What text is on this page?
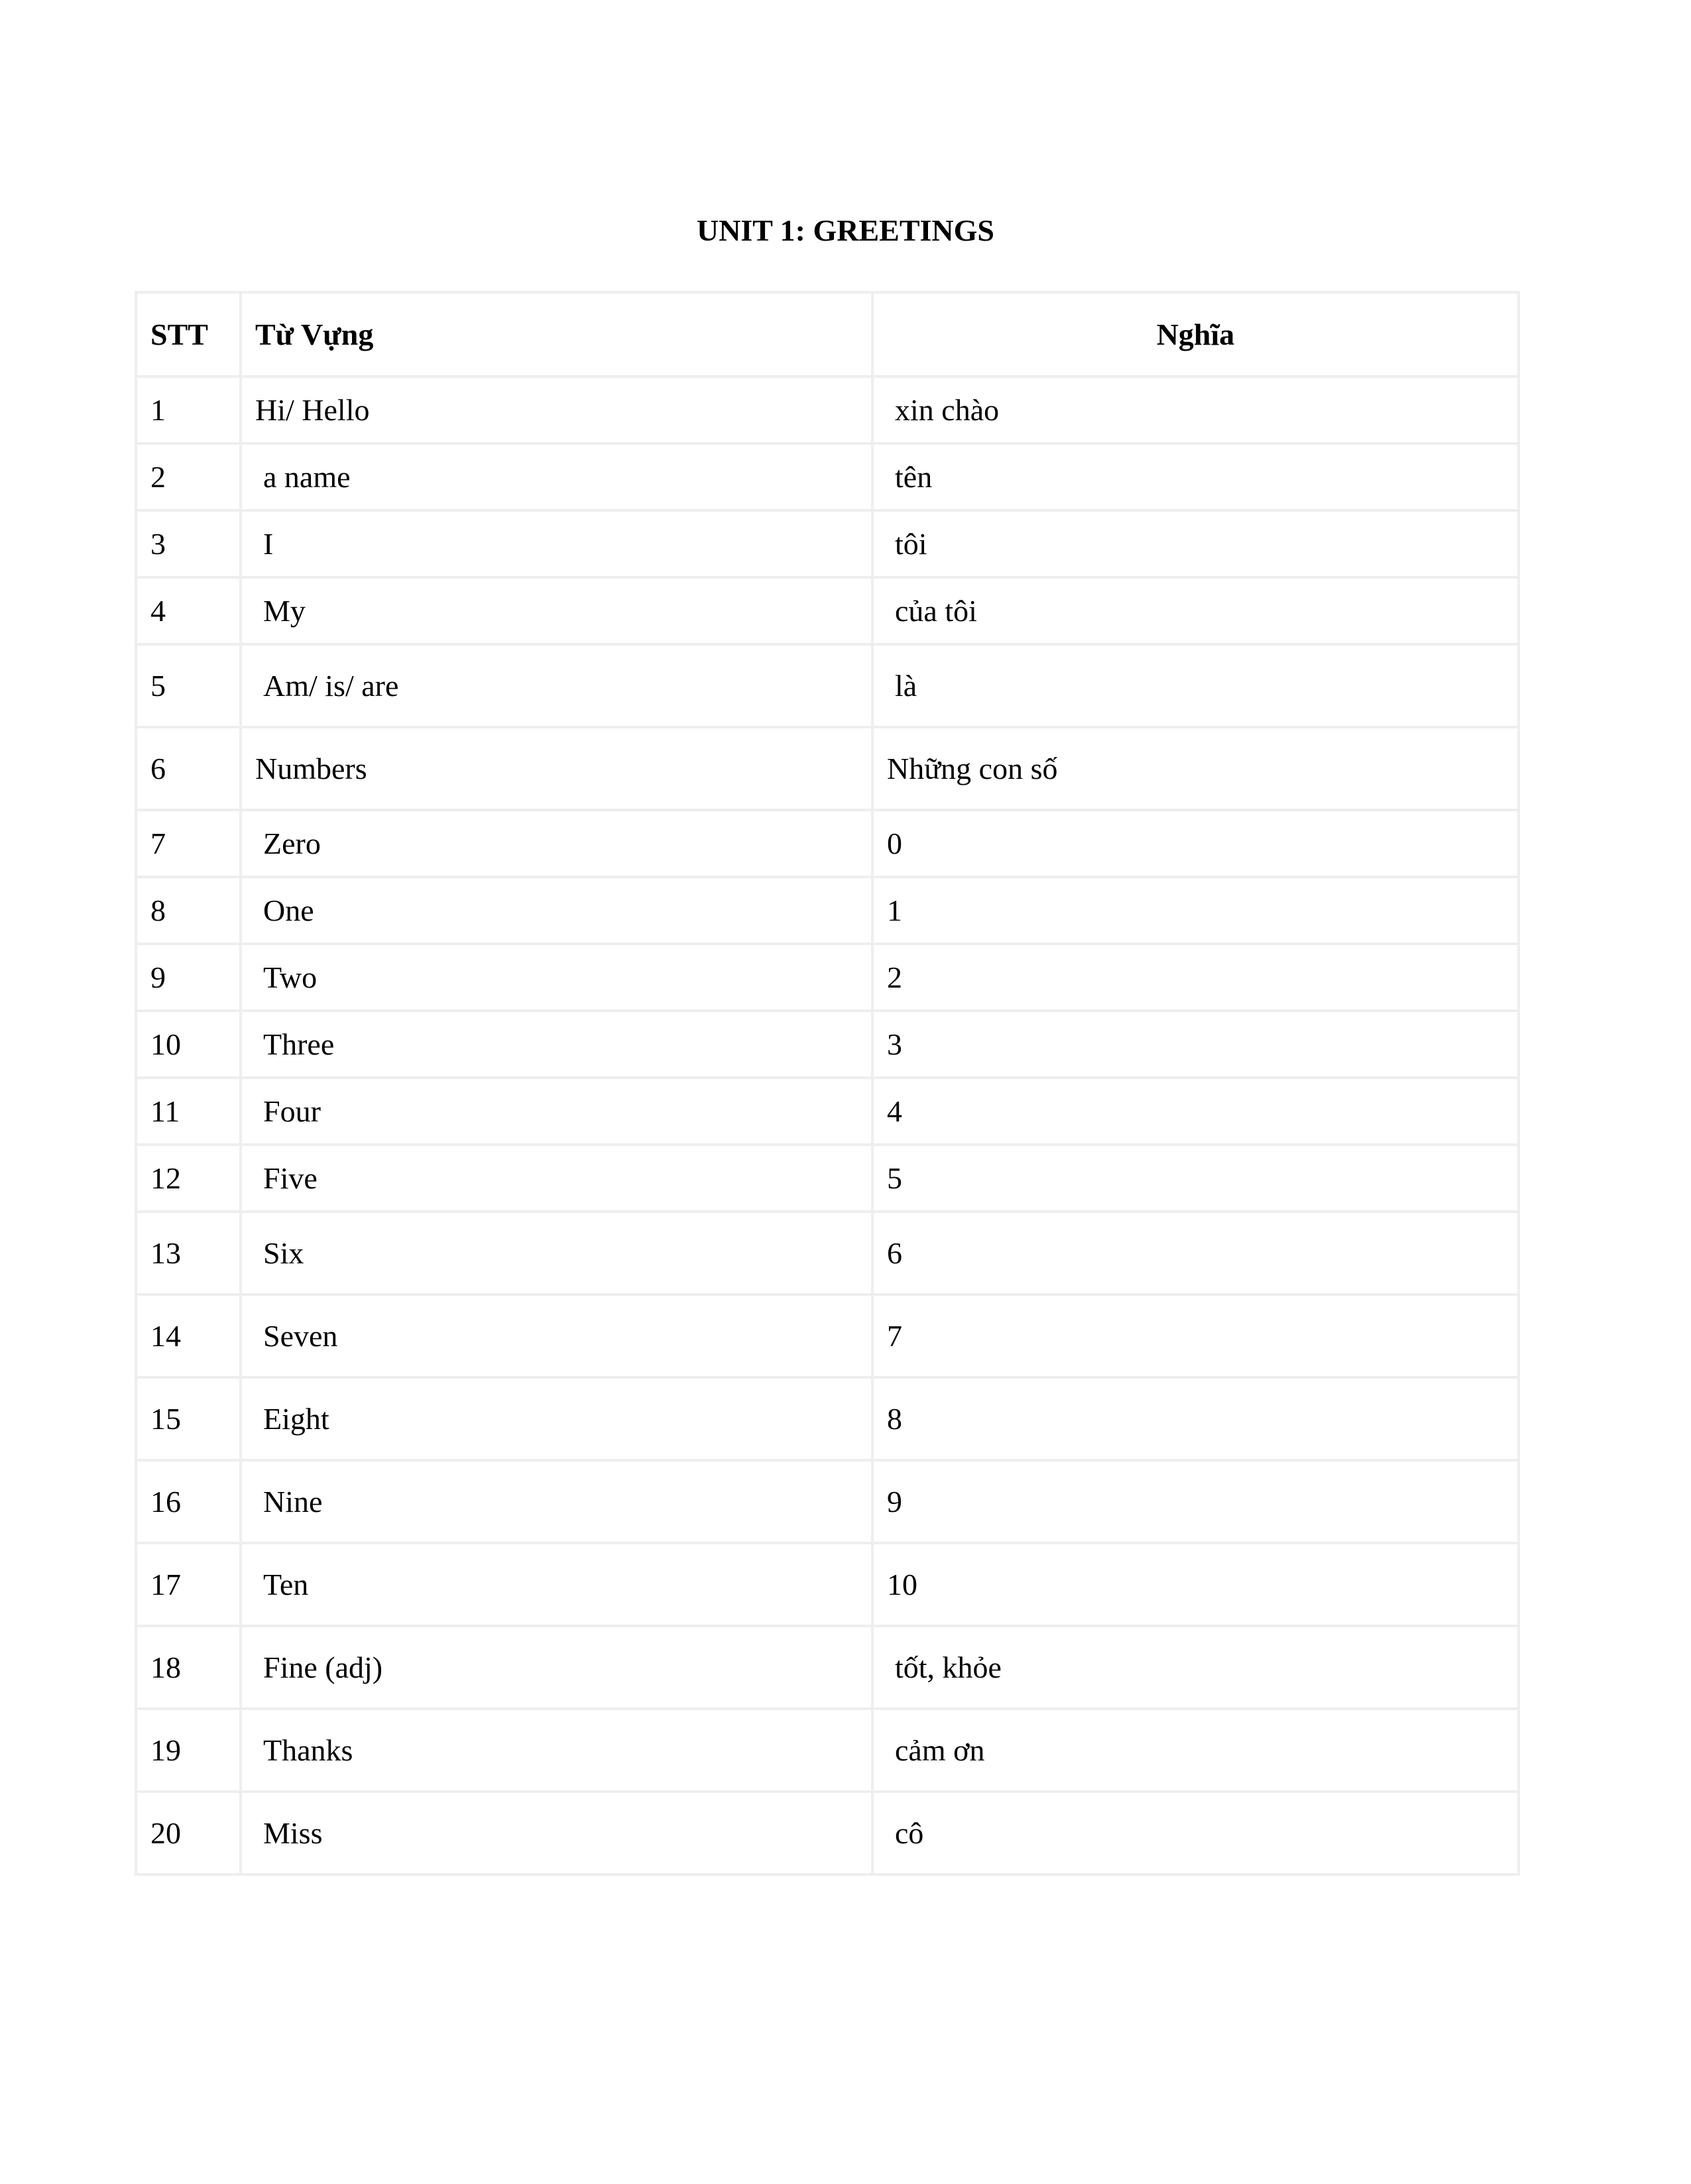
UNIT 1: GREETINGS
STT	Từ Vựng	Nghĩa
1	Hi/ Hello	xin chào
2	a name	tên
3	I	tôi
4	My	của tôi
5	Am/ is/ are	là
6	Numbers	Những con số
7	Zero	0
8	One	1
9	Two	2
10	Three	3
11	Four	4
12	Five	5
13	Six	6
14	Seven	7
15	Eight	8
16	Nine	9
17	Ten	10
18	Fine (adj)	tốt, khỏe
19	Thanks	cảm ơn
20	Miss	cô
